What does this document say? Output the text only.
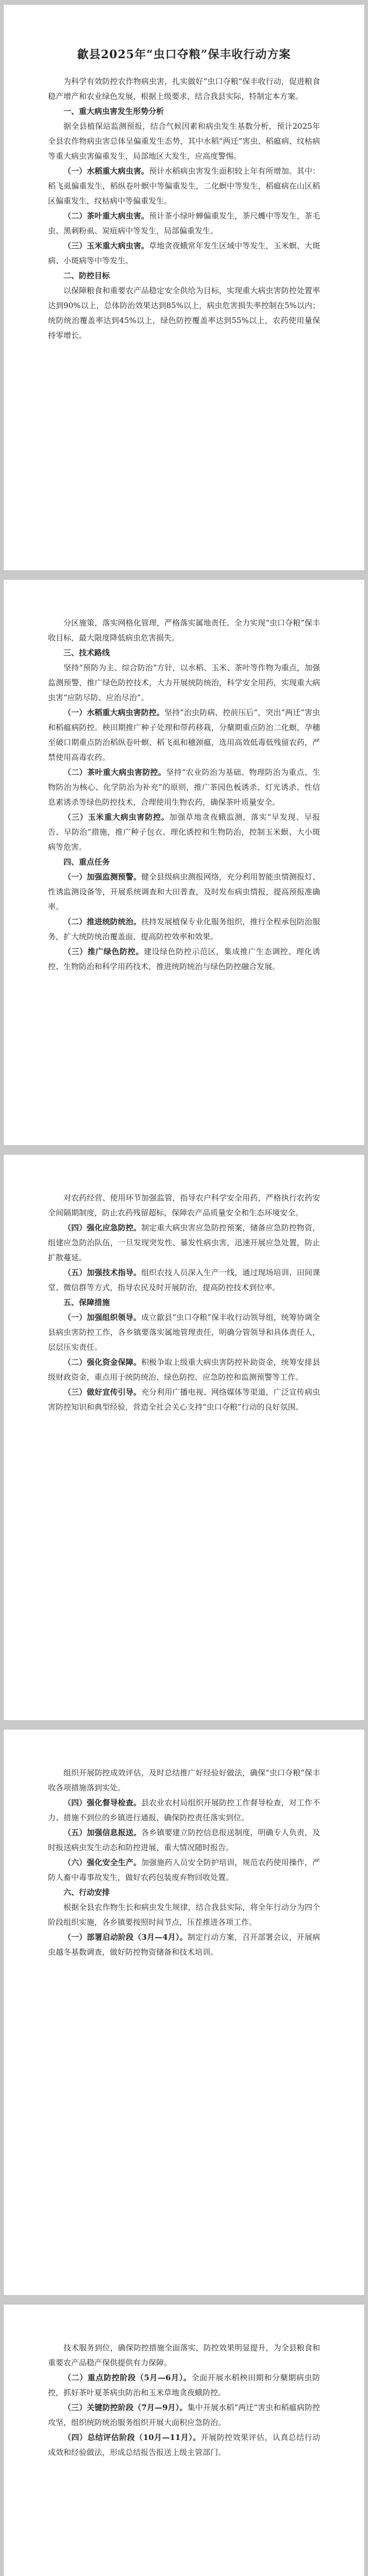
歙县2025年“虫口夺粮”保丰收行动方案

为科学有效防控农作物病虫害，扎实做好“虫口夺粮”保丰收行动，促进粮食稳产增产和农业绿色发展，根据上级要求，结合我县实际，特制定本方案。

一、重大病虫害发生形势分析

据全县植保站监测预报，结合气候因素和病虫发生基数分析，预计2025年全县农作物病虫害总体呈偏重发生态势，其中水稻“两迁”害虫、稻瘟病、纹枯病等重大病虫害偏重发生，局部地区大发生，应高度警惕。

（一）水稻重大病虫害。预计水稻病虫害发生面积较上年有所增加。其中：稻飞虱偏重发生，稻纵卷叶螟中等偏重发生，二化螟中等发生，稻瘟病在山区稻区偏重发生，纹枯病中等偏重发生。

（二）茶叶重大病虫害。预计茶小绿叶蝉偏重发生，茶尺蠖中等发生，茶毛虫、黑刺粉虱、炭疽病中等发生，局部偏重发生。

（三）玉米重大病虫害。草地贪夜蛾常年发生区域中等发生，玉米螟、大斑病、小斑病等中等发生。

二、防控目标

以保障粮食和重要农产品稳定安全供给为目标，实现重大病虫害防控处置率达到90%以上，总体防治效果达到85%以上，病虫危害损失率控制在5%以内；统防统治覆盖率达到45%以上，绿色防控覆盖率达到55%以上，农药使用量保持零增长。

分区施策，落实网格化管理，严格落实属地责任。全力实现“虫口夺粮”保丰收目标，最大限度降低病虫危害损失。

三、技术路线

坚持“预防为主、综合防治”方针，以水稻、玉米、茶叶等作物为重点，加强监测预警，推广绿色防控技术，大力开展统防统治，科学安全用药，实现重大病虫害“应防尽防、应治尽治”。

（一）水稻重大病虫害防控。坚持“治虫防病、控前压后”，突出“两迁”害虫和稻瘟病防控。秧田期推广种子处理和带药移栽，分蘖期重点防治二化螟，孕穗至破口期重点防治稻纵卷叶螟、稻飞虱和穗颈瘟，选用高效低毒低残留农药，严禁使用高毒农药。

（二）茶叶重大病虫害防控。坚持“农业防治为基础、物理防治为重点、生物防治为核心、化学防治为补充”的原则，推广茶园色板诱杀、灯光诱杀、性信息素诱杀等绿色防控技术，合理使用生物农药，确保茶叶质量安全。

（三）玉米重大病虫害防控。加强草地贪夜蛾监测，落实“早发现、早报告、早防治”措施，推广种子包衣、理化诱控和生物防治，控制玉米螟、大小斑病等危害。

四、重点任务

（一）加强监测预警。健全县级病虫测报网络，充分利用智能虫情测报灯、性诱监测设备等，开展系统调查和大田普查，及时发布病虫情报，提高预报准确率。

（二）推进统防统治。扶持发展植保专业化服务组织，推行全程承包防治服务，扩大统防统治覆盖面，提高防控效率和效果。

（三）推广绿色防控。建设绿色防控示范区，集成推广生态调控、理化诱控、生物防治和科学用药技术，推进统防统治与绿色防控融合发展。

对农药经营、使用环节加强监管，指导农户科学安全用药，严格执行农药安全间隔期制度，防止农药残留超标，保障农产品质量安全和生态环境安全。

（四）强化应急防控。制定重大病虫害应急防控预案，储备应急防控物资，组建应急防治队伍，一旦发现突发性、暴发性病虫害，迅速开展应急处置，防止扩散蔓延。

（五）加强技术指导。组织农技人员深入生产一线，通过现场培训、田间课堂、微信群等方式，指导农民及时开展防治，提高防控技术到位率。

五、保障措施

（一）加强组织领导。成立歙县“虫口夺粮”保丰收行动领导组，统筹协调全县病虫害防控工作，各乡镇要落实属地管理责任，明确分管领导和具体责任人，层层压实责任。

（二）强化资金保障。积极争取上级重大病虫害防控补助资金，统筹安排县级财政资金，重点用于统防统治、绿色防控、应急防控和监测预警等工作。

（三）做好宣传引导。充分利用广播电视、网络媒体等渠道，广泛宣传病虫害防控知识和典型经验，营造全社会关心支持“虫口夺粮”行动的良好氛围。

组织开展防控成效评估，及时总结推广好经验好做法，确保“虫口夺粮”保丰收各项措施落到实处。

（四）强化督导检查。县农业农村局组织开展防控工作督导检查，对工作不力、措施不到位的乡镇进行通报，确保防控责任落实到位。

（五）加强信息报送。各乡镇要建立防控信息报送制度，明确专人负责，及时报送病虫发生动态和防控进展，重大情况随时报告。

（六）强化安全生产。加强施药人员安全防护培训，规范农药使用操作，严防人畜中毒事故发生，做好农药包装废弃物回收处置。

六、行动安排

根据全县农作物生长和病虫发生规律，结合我县实际，将全年行动分为四个阶段组织实施，各乡镇要按照时间节点，压茬推进各项工作。

（一）部署启动阶段（3月—4月）。制定行动方案，召开部署会议，开展病虫越冬基数调查，做好防控物资储备和技术培训。

技术服务到位，确保防控措施全面落实，防控效果明显提升，为全县粮食和重要农产品稳产保供提供有力保障。

（二）重点防控阶段（5月—6月）。全面开展水稻秧田期和分蘖期病虫防控，抓好茶叶夏茶病虫防治和玉米草地贪夜蛾防控。

（三）关键防控阶段（7月—9月）。集中开展水稻“两迁”害虫和稻瘟病防控攻坚，组织统防统治服务组织开展大面积应急防治。

（四）总结评估阶段（10月—11月）。开展防控效果评估，认真总结行动成效和经验做法，形成总结报告报送上级主管部门。
